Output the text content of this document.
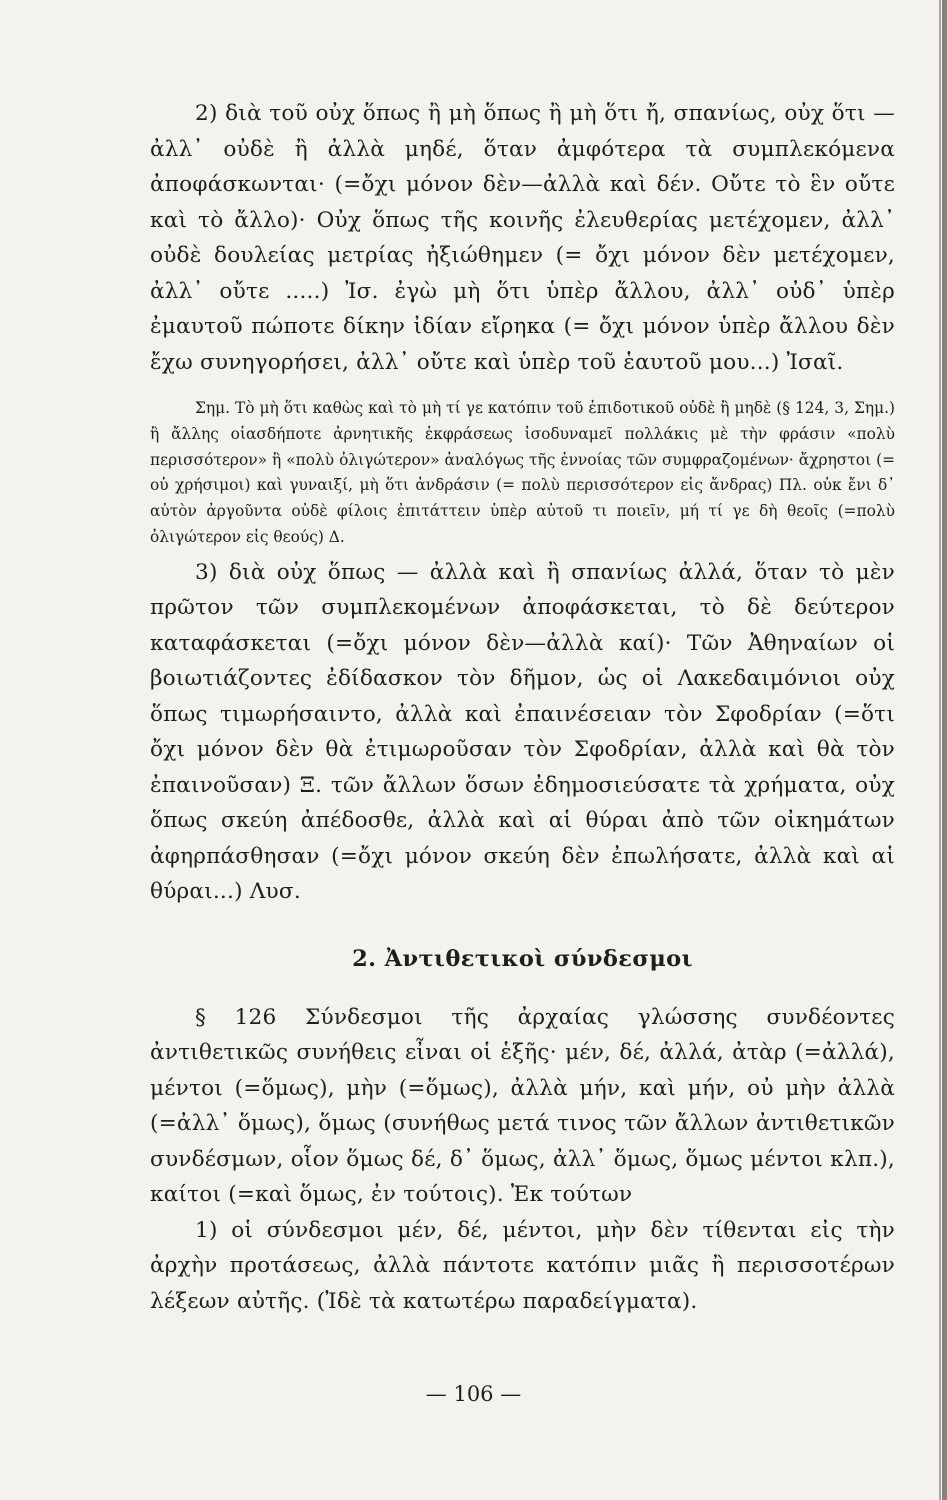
2) διὰ τοῦ οὐχ ὅπως ἢ μὴ ὅπως ἢ μὴ ὅτι ἤ, σπανίως, οὐχ ὅτι — ἀλλ᾽ οὐδὲ ἢ ἀλλὰ μηδέ, ὅταν ἀμφότερα τὰ συμπλεκόμενα ἀποφάσκωνται· (=ὄχι μόνον δὲν—ἀλλὰ καὶ δέν. Οὔτε τὸ ἓν οὔτε καὶ τὸ ἄλλο)· Οὐχ ὅπως τῆς κοινῆς ἐλευθερίας μετέχομεν, ἀλλ᾽ οὐδὲ δουλείας μετρίας ἠξιώθημεν (= ὄχι μόνον δὲν μετέχομεν, ἀλλ᾽ οὔτε .....) Ἰσ. ἐγὼ μὴ ὅτι ὑπὲρ ἄλλου, ἀλλ᾽ οὐδ᾽ ὑπὲρ ἐμαυτοῦ πώποτε δίκην ἰδίαν εἴρηκα (= ὄχι μόνον ὑπὲρ ἄλλου δὲν ἔχω συνηγορήσει, ἀλλ᾽ οὔτε καὶ ὑπὲρ τοῦ ἑαυτοῦ μου...) Ἰσαῖ.

Σημ. Τὸ μὴ ὅτι καθὼς καὶ τὸ μὴ τί γε κατόπιν τοῦ ἐπιδοτικοῦ οὐδὲ ἢ μηδὲ (§ 124, 3, Σημ.) ἢ ἄλλης οἱασδήποτε ἀρνητικῆς ἐκφράσεως ἰσοδυναμεῖ πολλάκις μὲ τὴν φράσιν «πολὺ περισσότερον» ἢ «πολὺ ὀλιγώτερον» ἀναλόγως τῆς ἐννοίας τῶν συμφραζομένων· ἄχρηστοι (= οὐ χρήσιμοι) καὶ γυναιξί, μὴ ὅτι ἀνδράσιν (= πολὺ περισσότερον εἰς ἄνδρας) Πλ. οὐκ ἔνι δ᾽ αὐτὸν ἀργοῦντα οὐδὲ φίλοις ἐπιτάττειν ὑπὲρ αὐτοῦ τι ποιεῖν, μή τί γε δὴ θεοῖς (=πολὺ ὀλιγώτερον εἰς θεούς) Δ.

3) διὰ οὐχ ὅπως — ἀλλὰ καὶ ἢ σπανίως ἀλλά, ὅταν τὸ μὲν πρῶτον τῶν συμπλεκομένων ἀποφάσκεται, τὸ δὲ δεύτερον καταφάσκεται (=ὄχι μόνον δὲν—ἀλλὰ καί)· Τῶν Ἀθηναίων οἱ βοιωτιάζοντες ἐδίδασκον τὸν δῆμον, ὡς οἱ Λακεδαιμόνιοι οὐχ ὅπως τιμωρήσαιντο, ἀλλὰ καὶ ἐπαινέσειαν τὸν Σφοδρίαν (=ὅτι ὄχι μόνον δὲν θὰ ἐτιμωροῦσαν τὸν Σφοδρίαν, ἀλλὰ καὶ θὰ τὸν ἐπαινοῦσαν) Ξ. τῶν ἄλλων ὅσων ἐδημοσιεύσατε τὰ χρήματα, οὐχ ὅπως σκεύη ἀπέδοσθε, ἀλλὰ καὶ αἱ θύραι ἀπὸ τῶν οἰκημάτων ἀφηρπάσθησαν (=ὄχι μόνον σκεύη δὲν ἐπωλήσατε, ἀλλὰ καὶ αἱ θύραι...) Λυσ.

2. Ἀντιθετικοὶ σύνδεσμοι

§ 126 Σύνδεσμοι τῆς ἀρχαίας γλώσσης συνδέοντες ἀντιθετικῶς συνήθεις εἶναι οἱ ἑξῆς· μέν, δέ, ἀλλά, ἀτὰρ (=ἀλλά), μέντοι (=ὅμως), μὴν (=ὅμως), ἀλλὰ μήν, καὶ μήν, οὐ μὴν ἀλλὰ (=ἀλλ᾽ ὅμως), ὅμως (συνήθως μετά τινος τῶν ἄλλων ἀντιθετικῶν συνδέσμων, οἷον ὅμως δέ, δ᾽ ὅμως, ἀλλ᾽ ὅμως, ὅμως μέντοι κλπ.), καίτοι (=καὶ ὅμως, ἐν τούτοις). Ἐκ τούτων

1) οἱ σύνδεσμοι μέν, δέ, μέντοι, μὴν δὲν τίθενται εἰς τὴν ἀρχὴν προτάσεως, ἀλλὰ πάντοτε κατόπιν μιᾶς ἢ περισσοτέρων λέξεων αὐτῆς. (Ἰδὲ τὰ κατωτέρω παραδείγματα).

— 106 —
